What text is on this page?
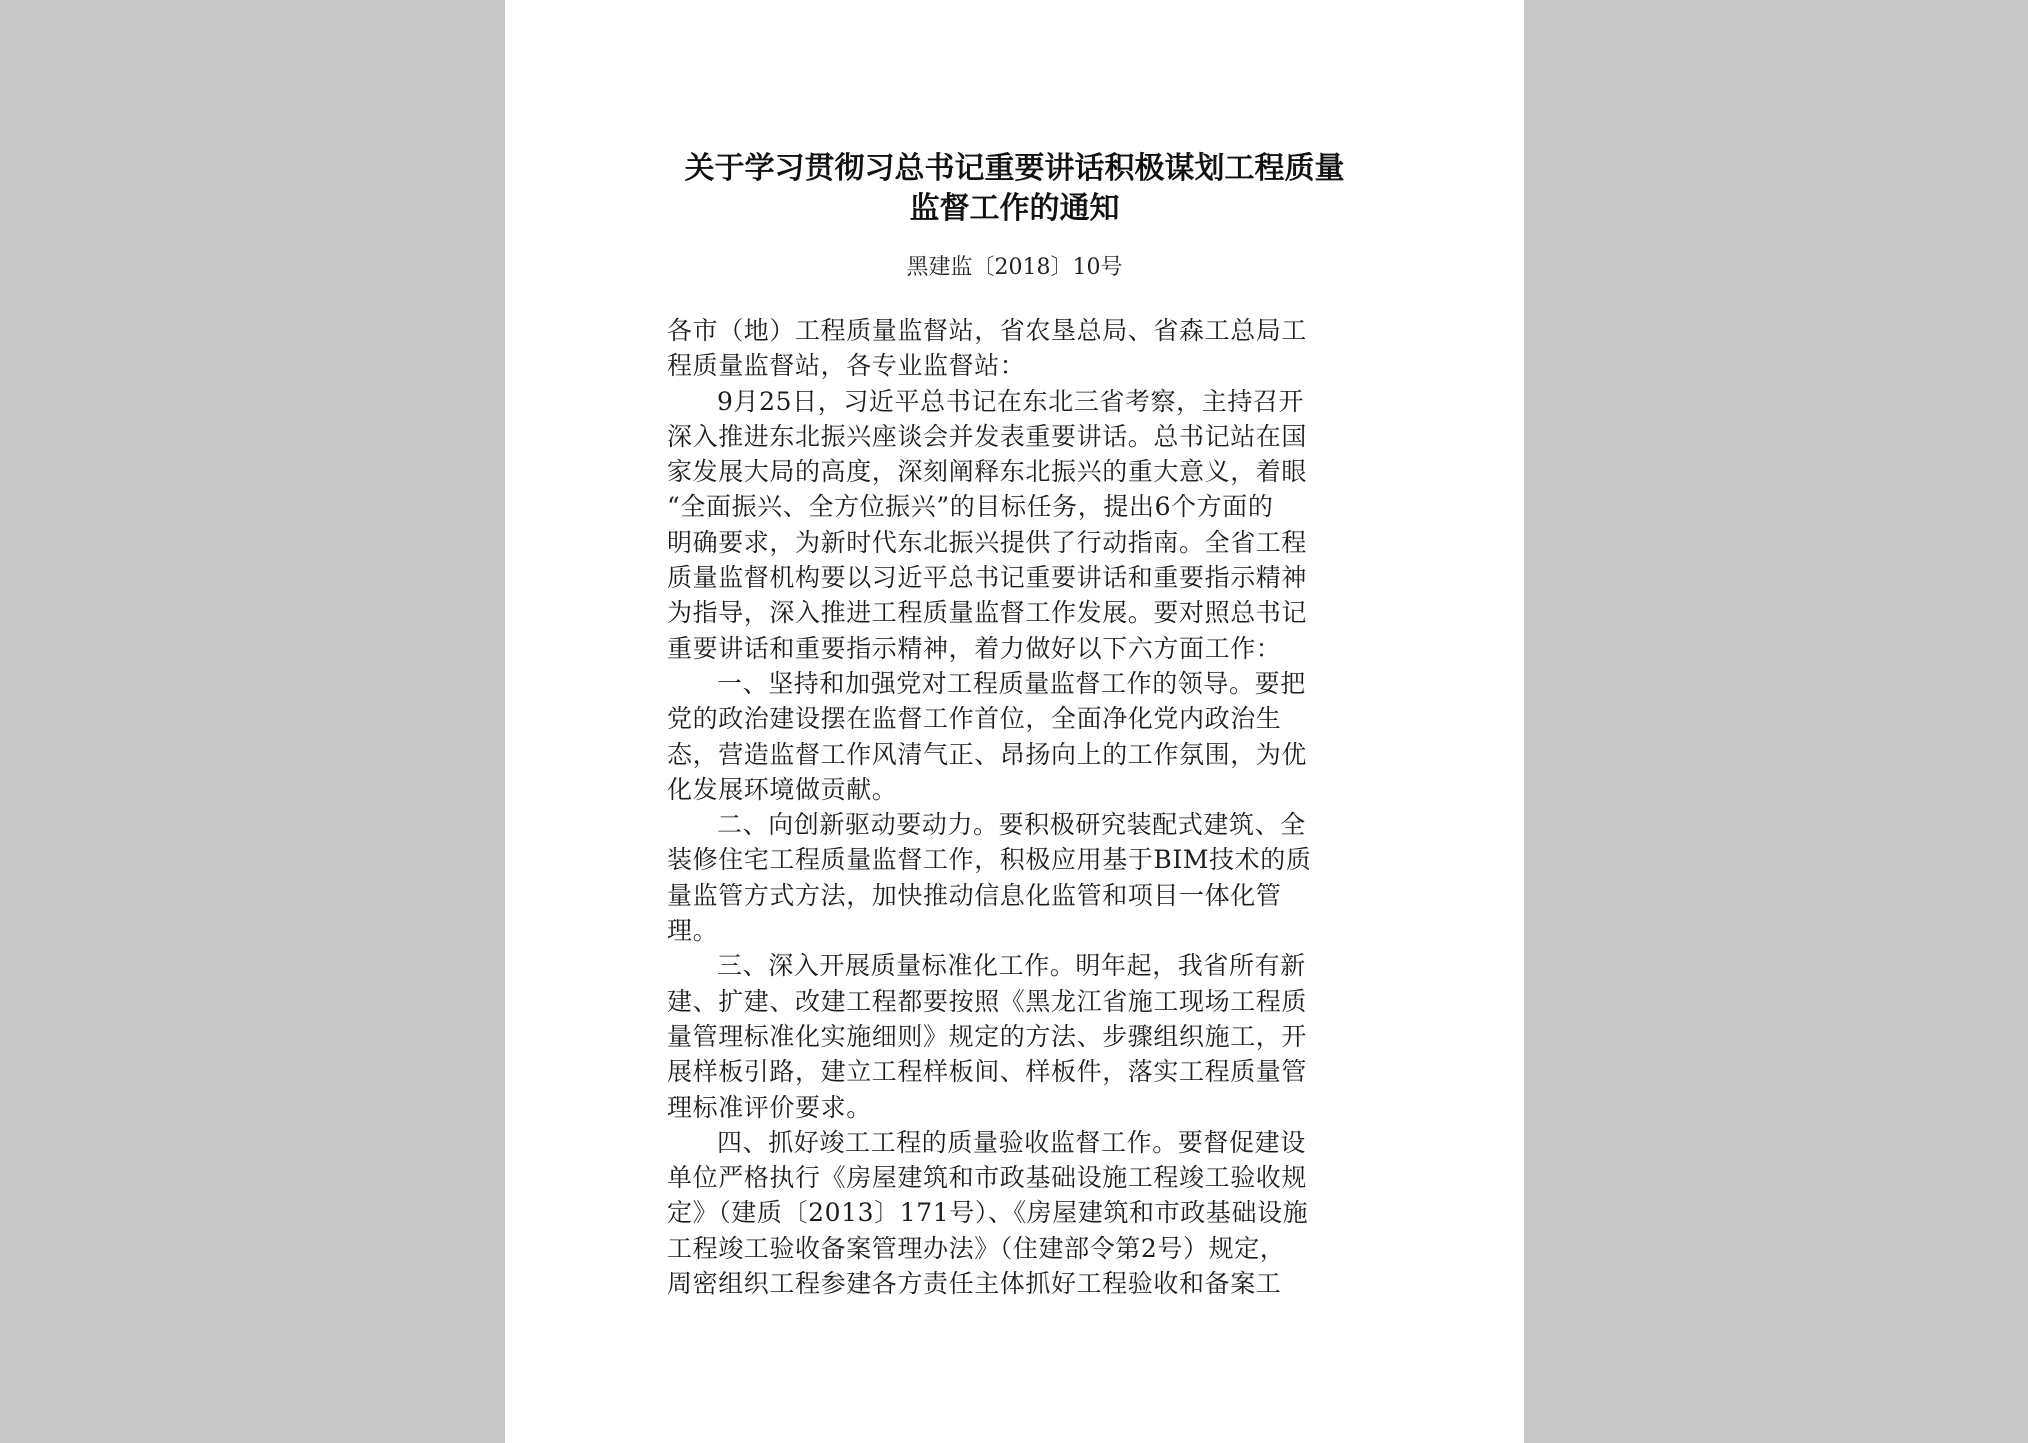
关于学习贯彻习总书记重要讲话积极谋划工程质量
监督工作的通知
黑建监〔2018〕10号
各市（地）工程质量监督站，省农垦总局、省森工总局工
程质量监督站，各专业监督站：
9月25日，习近平总书记在东北三省考察，主持召开
深入推进东北振兴座谈会并发表重要讲话。总书记站在国
家发展大局的高度，深刻阐释东北振兴的重大意义，着眼
“全面振兴、全方位振兴”的目标任务，提出6个方面的
明确要求，为新时代东北振兴提供了行动指南。全省工程
质量监督机构要以习近平总书记重要讲话和重要指示精神
为指导，深入推进工程质量监督工作发展。要对照总书记
重要讲话和重要指示精神，着力做好以下六方面工作：
一、坚持和加强党对工程质量监督工作的领导。要把
党的政治建设摆在监督工作首位，全面净化党内政治生
态，营造监督工作风清气正、昂扬向上的工作氛围，为优
化发展环境做贡献。
二、向创新驱动要动力。要积极研究装配式建筑、全
装修住宅工程质量监督工作，积极应用基于BIM技术的质
量监管方式方法，加快推动信息化监管和项目一体化管
理。
三、深入开展质量标准化工作。明年起，我省所有新
建、扩建、改建工程都要按照《黑龙江省施工现场工程质
量管理标准化实施细则》规定的方法、步骤组织施工，开
展样板引路，建立工程样板间、样板件，落实工程质量管
理标准评价要求。
四、抓好竣工工程的质量验收监督工作。要督促建设
单位严格执行《房屋建筑和市政基础设施工程竣工验收规
定》（建质〔2013〕171号）、《房屋建筑和市政基础设施
工程竣工验收备案管理办法》（住建部令第2号）规定，
周密组织工程参建各方责任主体抓好工程验收和备案工
